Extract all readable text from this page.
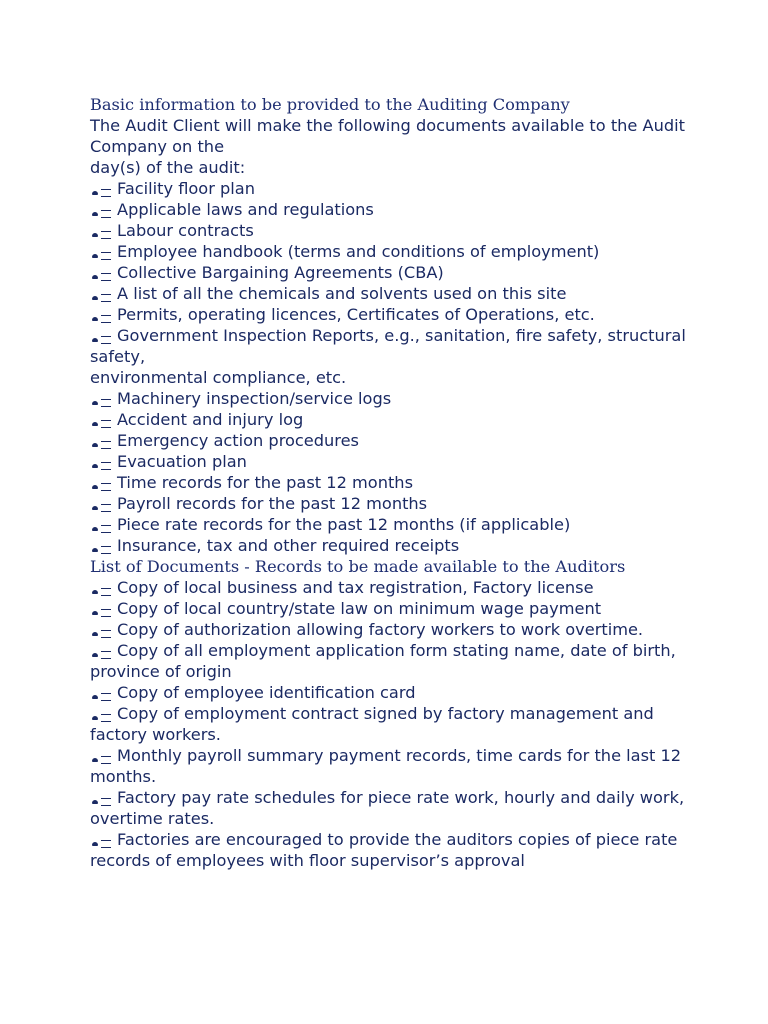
Basic information to be provided to the Auditing Company

The Audit Client will make the following documents available to the Audit Company on the
day(s) of the audit:

Facility floor plan
Applicable laws and regulations
Labour contracts
Employee handbook (terms and conditions of employment)
Collective Bargaining Agreements (CBA)
A list of all the chemicals and solvents used on this site
Permits, operating licences, Certificates of Operations, etc.
Government Inspection Reports, e.g., sanitation, fire safety, structural safety,
environmental compliance, etc.
Machinery inspection/service logs
Accident and injury log
Emergency action procedures
Evacuation plan
Time records for the past 12 months
Payroll records for the past 12 months
Piece rate records for the past 12 months (if applicable)
Insurance, tax and other required receipts

List of Documents - Records to be made available to the Auditors

Copy of local business and tax registration, Factory license
Copy of local country/state law on minimum wage payment
Copy of authorization allowing factory workers to work overtime.
Copy of all employment application form stating name, date of birth, province of origin
Copy of employee identification card
Copy of employment contract signed by factory management and factory workers.
Monthly payroll summary payment records, time cards for the last 12 months.
Factory pay rate schedules for piece rate work, hourly and daily work, overtime rates.
Factories are encouraged to provide the auditors copies of piece rate records of employees with floor supervisor’s approval
